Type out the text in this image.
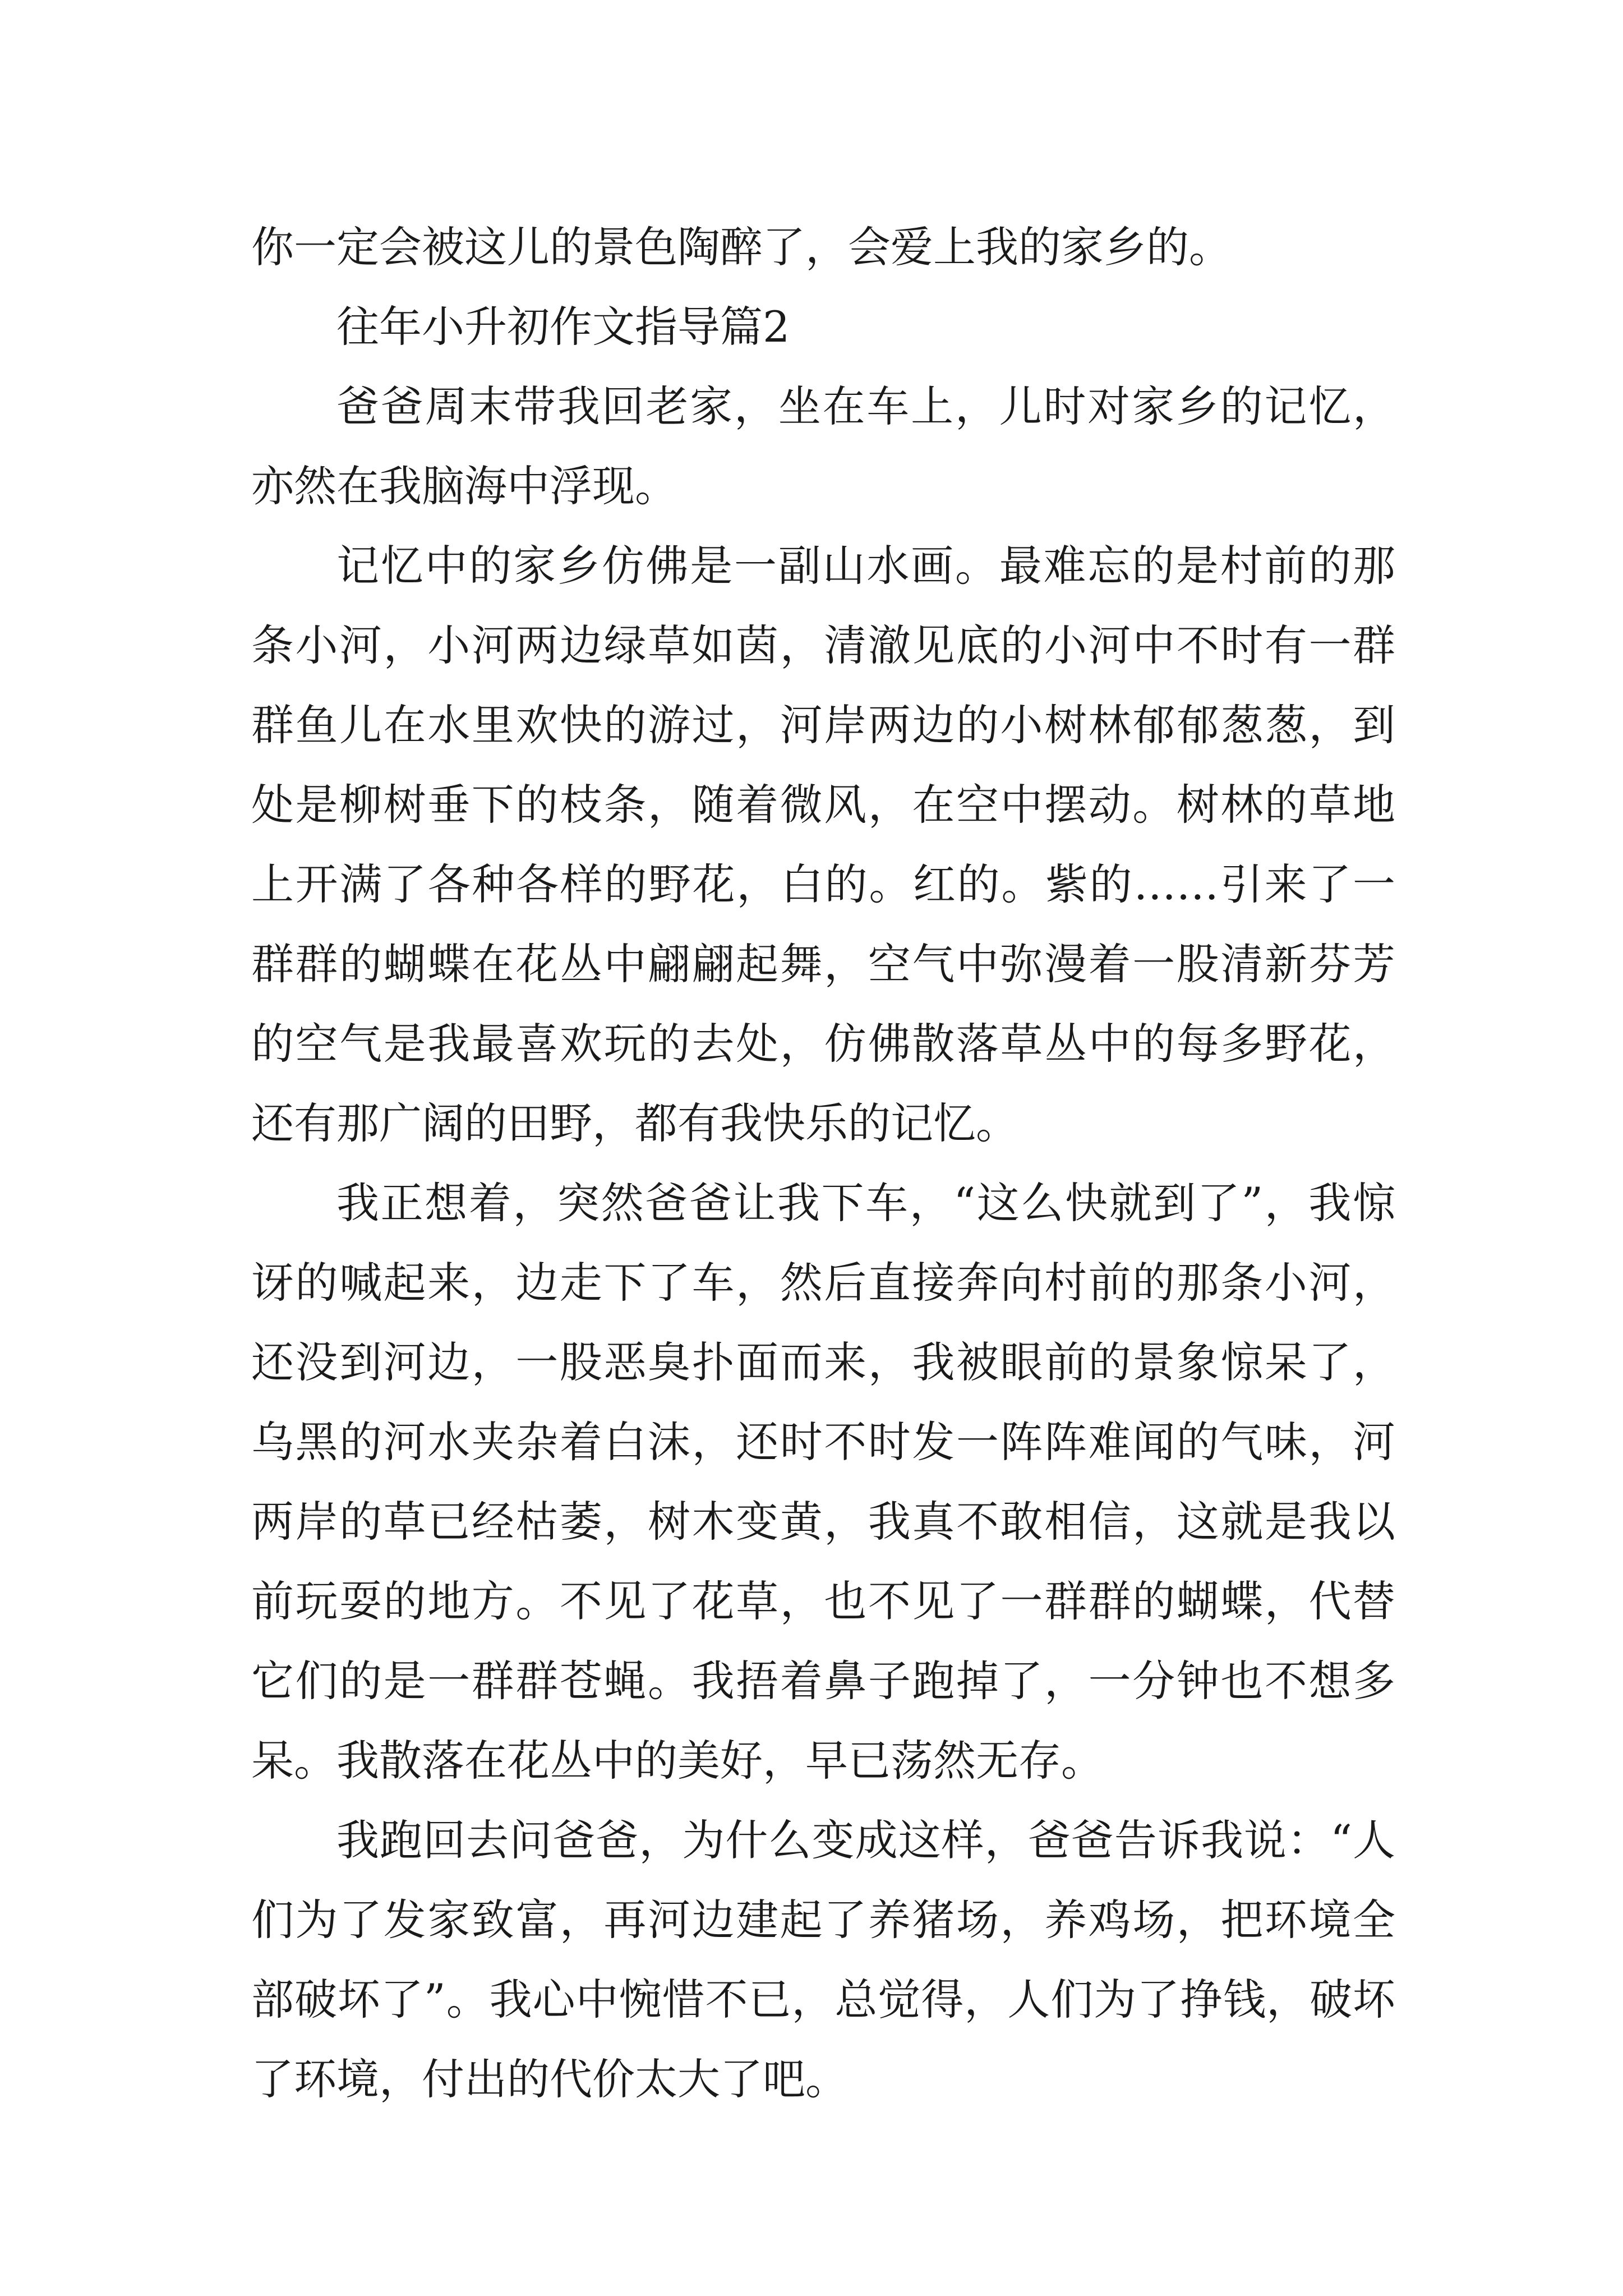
你一定会被这儿的景色陶醉了，会爱上我的家乡的。

往年小升初作文指导篇2

爸爸周末带我回老家，坐在车上，儿时对家乡的记忆，亦然在我脑海中浮现。

记忆中的家乡仿佛是一副山水画。最难忘的是村前的那条小河，小河两边绿草如茵，清澈见底的小河中不时有一群群鱼儿在水里欢快的游过，河岸两边的小树林郁郁葱葱，到处是柳树垂下的枝条，随着微风，在空中摆动。树林的草地上开满了各种各样的野花，白的。红的。紫的……引来了一群群的蝴蝶在花丛中翩翩起舞，空气中弥漫着一股清新芬芳的空气是我最喜欢玩的去处，仿佛散落草丛中的每多野花，还有那广阔的田野，都有我快乐的记忆。

我正想着，突然爸爸让我下车，“这么快就到了”，我惊讶的喊起来，边走下了车，然后直接奔向村前的那条小河，还没到河边，一股恶臭扑面而来，我被眼前的景象惊呆了，乌黑的河水夹杂着白沫，还时不时发一阵阵难闻的气味，河两岸的草已经枯萎，树木变黄，我真不敢相信，这就是我以前玩耍的地方。不见了花草，也不见了一群群的蝴蝶，代替它们的是一群群苍蝇。我捂着鼻子跑掉了，一分钟也不想多呆。我散落在花丛中的美好，早已荡然无存。

我跑回去问爸爸，为什么变成这样，爸爸告诉我说：“人们为了发家致富，再河边建起了养猪场，养鸡场，把环境全部破坏了”。我心中惋惜不已，总觉得，人们为了挣钱，破坏了环境，付出的代价太大了吧。
